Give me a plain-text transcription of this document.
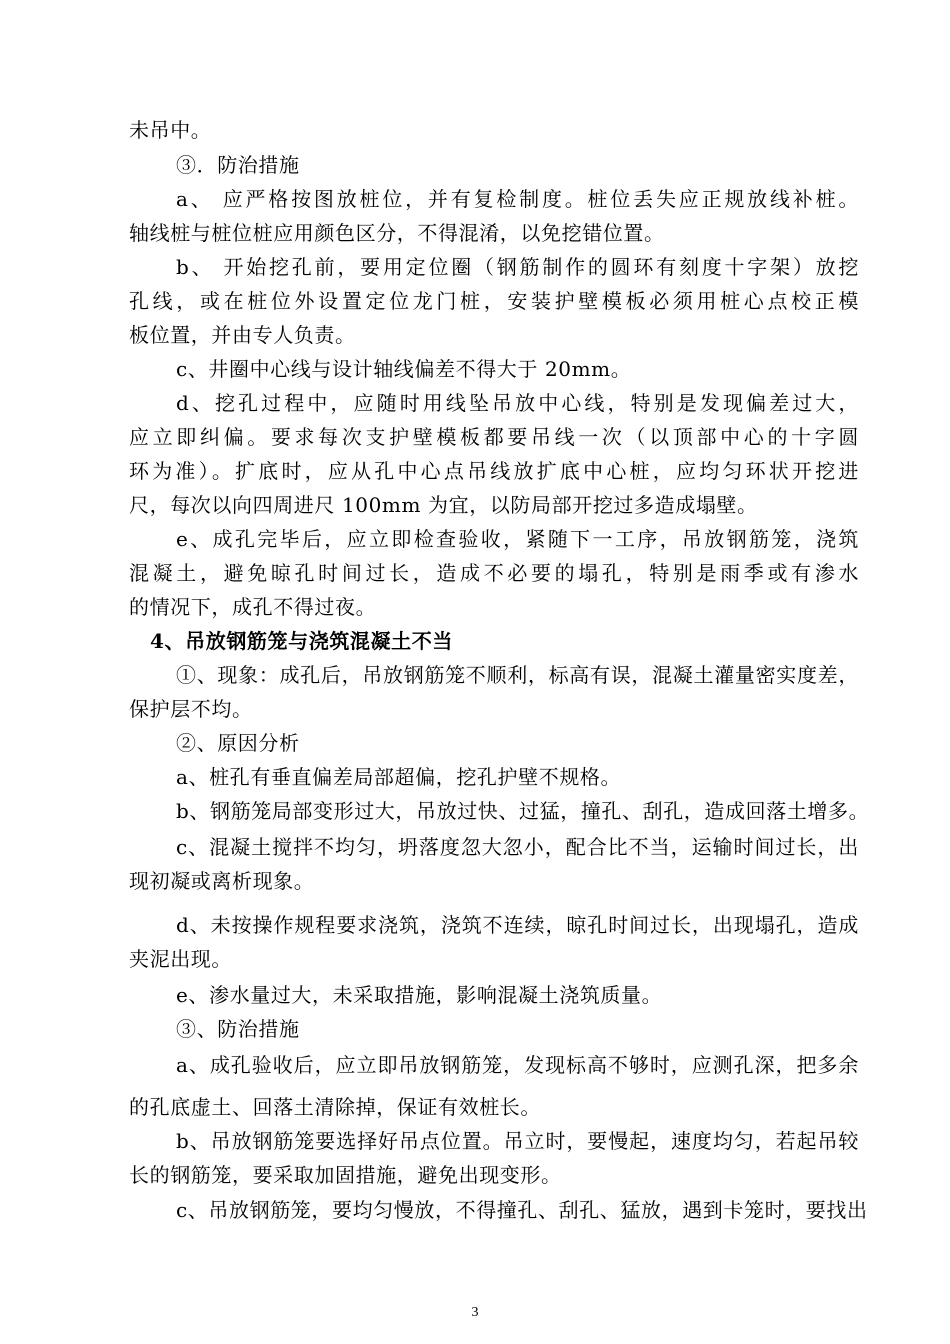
未吊中。
③．防治措施
a、 应严格按图放桩位，并有复检制度。桩位丢失应正规放线补桩。
轴线桩与桩位桩应用颜色区分，不得混淆，以免挖错位置。
b、 开始挖孔前，要用定位圈（钢筋制作的圆环有刻度十字架）放挖
孔线，或在桩位外设置定位龙门桩，安装护壁模板必须用桩心点校正模
板位置，并由专人负责。
c、井圈中心线与设计轴线偏差不得大于 20mm。
d、挖孔过程中，应随时用线坠吊放中心线，特别是发现偏差过大，
应立即纠偏。要求每次支护壁模板都要吊线一次（以顶部中心的十字圆
环为准）。扩底时，应从孔中心点吊线放扩底中心桩，应均匀环状开挖进
尺，每次以向四周进尺 100mm 为宜，以防局部开挖过多造成塌壁。
e、成孔完毕后，应立即检查验收，紧随下一工序，吊放钢筋笼，浇筑
混凝土，避免晾孔时间过长，造成不必要的塌孔，特别是雨季或有渗水
的情况下，成孔不得过夜。
4、吊放钢筋笼与浇筑混凝土不当
①、现象：成孔后，吊放钢筋笼不顺利，标高有误，混凝土灌量密实度差，
保护层不均。
②、原因分析
a、桩孔有垂直偏差局部超偏，挖孔护壁不规格。
b、钢筋笼局部变形过大，吊放过快、过猛，撞孔、刮孔，造成回落土增多。
c、混凝土搅拌不均匀，坍落度忽大忽小，配合比不当，运输时间过长，出
现初凝或离析现象。
d、未按操作规程要求浇筑，浇筑不连续，晾孔时间过长，出现塌孔，造成
夹泥出现。
e、渗水量过大，未采取措施，影响混凝土浇筑质量。
③、防治措施
a、成孔验收后，应立即吊放钢筋笼，发现标高不够时，应测孔深，把多余
的孔底虚土、回落土清除掉，保证有效桩长。
b、吊放钢筋笼要选择好吊点位置。吊立时，要慢起，速度均匀，若起吊较
长的钢筋笼，要采取加固措施，避免出现变形。
c、吊放钢筋笼，要均匀慢放，不得撞孔、刮孔、猛放，遇到卡笼时，要找出
3
